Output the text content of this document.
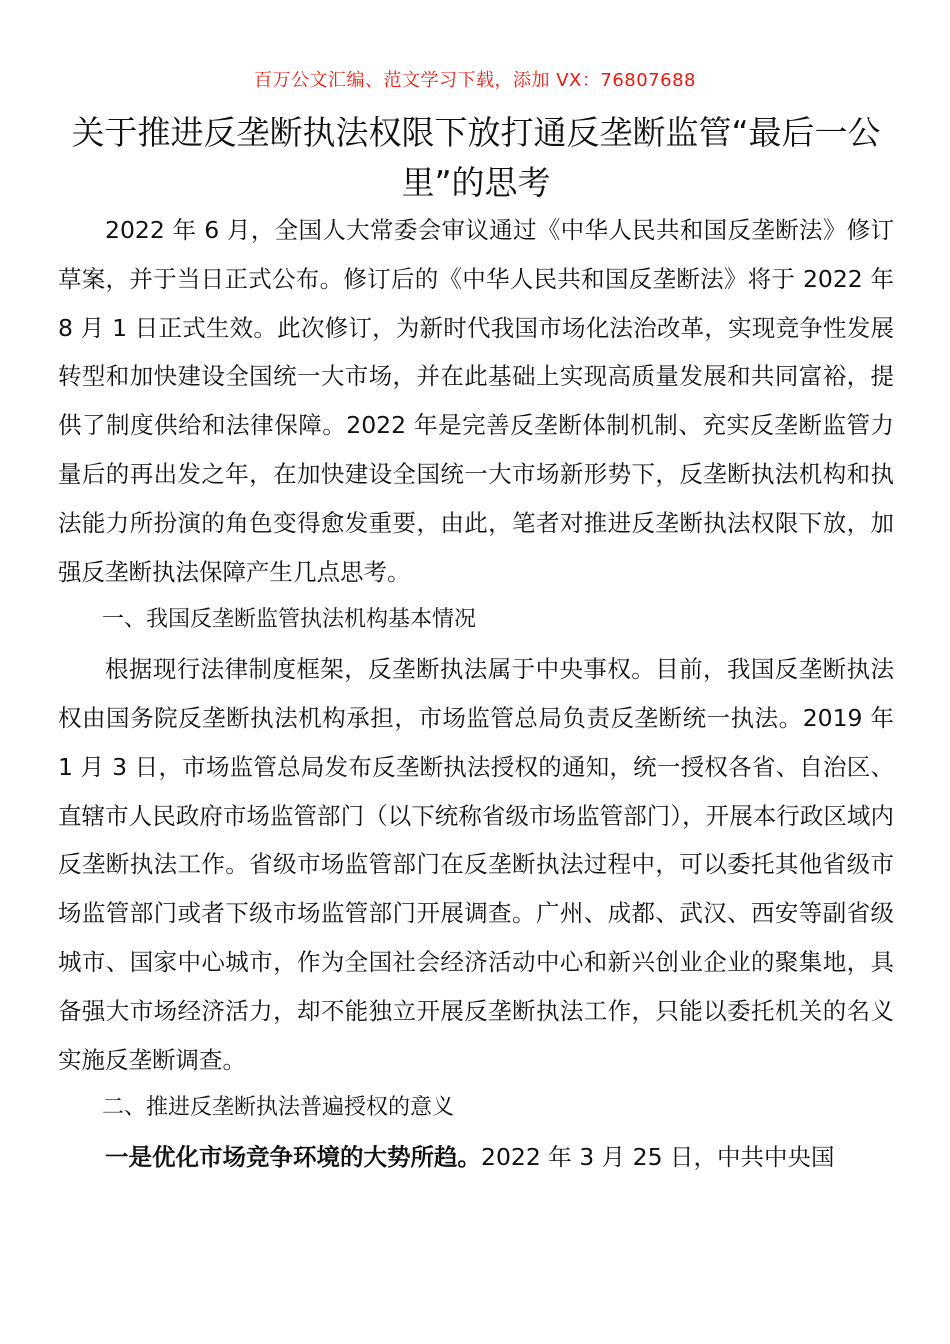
百万公文汇编、范文学习下载，添加 VX：76807688
关于推进反垄断执法权限下放打通反垄断监管“最后一公里”的思考

2022 年 6 月，全国人大常委会审议通过《中华人民共和国反垄断法》修订草案，并于当日正式公布。修订后的《中华人民共和国反垄断法》将于 2022 年 8 月 1 日正式生效。此次修订，为新时代我国市场化法治改革，实现竞争性发展转型和加快建设全国统一大市场，并在此基础上实现高质量发展和共同富裕，提供了制度供给和法律保障。2022 年是完善反垄断体制机制、充实反垄断监管力量后的再出发之年，在加快建设全国统一大市场新形势下，反垄断执法机构和执法能力所扮演的角色变得愈发重要，由此，笔者对推进反垄断执法权限下放，加强反垄断执法保障产生几点思考。

一、我国反垄断监管执法机构基本情况

根据现行法律制度框架，反垄断执法属于中央事权。目前，我国反垄断执法权由国务院反垄断执法机构承担，市场监管总局负责反垄断统一执法。2019 年 1 月 3 日，市场监管总局发布反垄断执法授权的通知，统一授权各省、自治区、直辖市人民政府市场监管部门（以下统称省级市场监管部门），开展本行政区域内反垄断执法工作。省级市场监管部门在反垄断执法过程中，可以委托其他省级市场监管部门或者下级市场监管部门开展调查。广州、成都、武汉、西安等副省级城市、国家中心城市，作为全国社会经济活动中心和新兴创业企业的聚集地，具备强大市场经济活力，却不能独立开展反垄断执法工作，只能以委托机关的名义实施反垄断调查。

二、推进反垄断执法普遍授权的意义

一是优化市场竞争环境的大势所趋。2022 年 3 月 25 日，中共中央国
